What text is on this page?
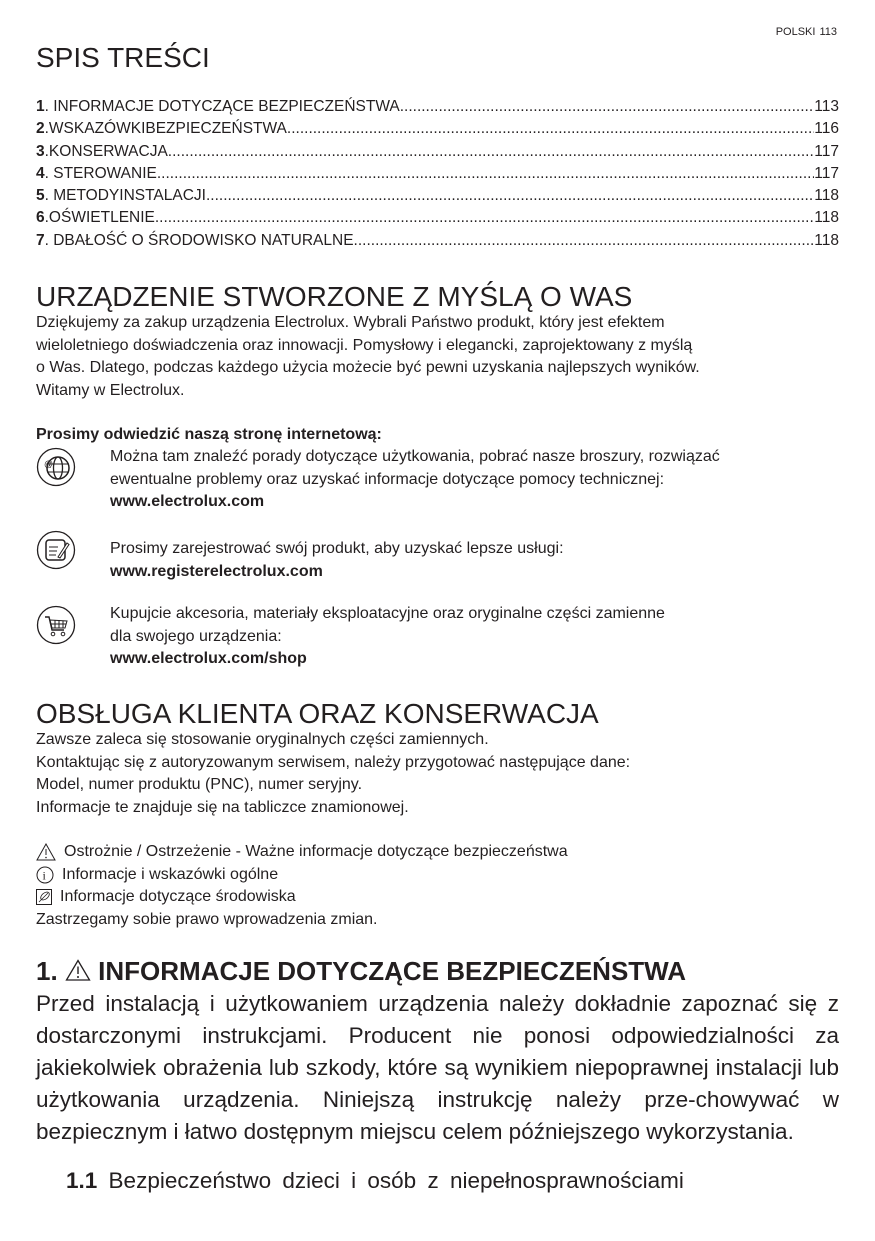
POLSKI 113
SPIS TREŚCI
1 . INFORMACJE DOTYCZĄCE BEZPIECZEŃSTWA .....	113
2 .WSKAZÓWKIBEZPIECZEŃSTWA .....	116
3 .KONSERWACJA .....	117
4 . STEROWANIE .....	117
5 . METODYINSTALACJI .....	118
6 .OŚWIETLENIE .....	118
7 . DBAŁOŚĆ O ŚRODOWISKO NATURALNE .....	118
URZĄDZENIE STWORZONE Z MYŚLĄ O WAS
Dziękujemy za zakup urządzenia Electrolux. Wybrali Państwo produkt, który jest efektem
wieloletniego doświadczenia oraz innowacji. Pomysłowy i elegancki, zaprojektowany z myślą
o Was. Dlatego, podczas każdego użycia możecie być pewni uzyskania najlepszych wyników.
Witamy w Electrolux.
Prosimy odwiedzić naszą stronę internetową:
@	Można tam znaleźć porady dotyczące użytkowania, pobrać nasze broszury, rozwiązać
ewentualne problemy oraz uzyskać informacje dotyczące pomocy technicznej:
www.electrolux.com
Prosimy zarejestrować swój produkt, aby uzyskać lepsze usługi:
www.registerelectrolux.com
Kupujcie akcesoria, materiały eksploatacyjne oraz oryginalne części zamienne
dla swojego urządzenia:
www.electrolux.com/shop
OBSŁUGA KLIENTA ORAZ KONSERWACJA
Zawsze zaleca się stosowanie oryginalnych części zamiennych.
Kontaktując się z autoryzowanym serwisem, należy przygotować następujące dane:
Model, numer produktu (PNC), numer seryjny.
Informacje te znajduje się na tabliczce znamionowej.
Ostrożnie / Ostrzeżenie - Ważne informacje dotyczące bezpieczeństwa
i Informacje i wskazówki ogólne
Informacje dotyczące środowiska
Zastrzegamy sobie prawo wprowadzenia zmian.
1. INFORMACJE DOTYCZĄCE BEZPIECZEŃSTWA
Przed instalacją i użytkowaniem urządzenia należy dokładnie zapoznać się z dostarczonymi instrukcjami. Producent nie ponosi odpowiedzialności za jakiekolwiek obrażenia lub szkody, które są wynikiem niepoprawnej instalacji lub użytkowania urządzenia. Niniejszą instrukcję należy prze-chowywać w bezpiecznym i łatwo dostępnym miejscu celem późniejszego wykorzystania.
1.1 Bezpieczeństwo dzieci i osób z niepełnosprawnościami
